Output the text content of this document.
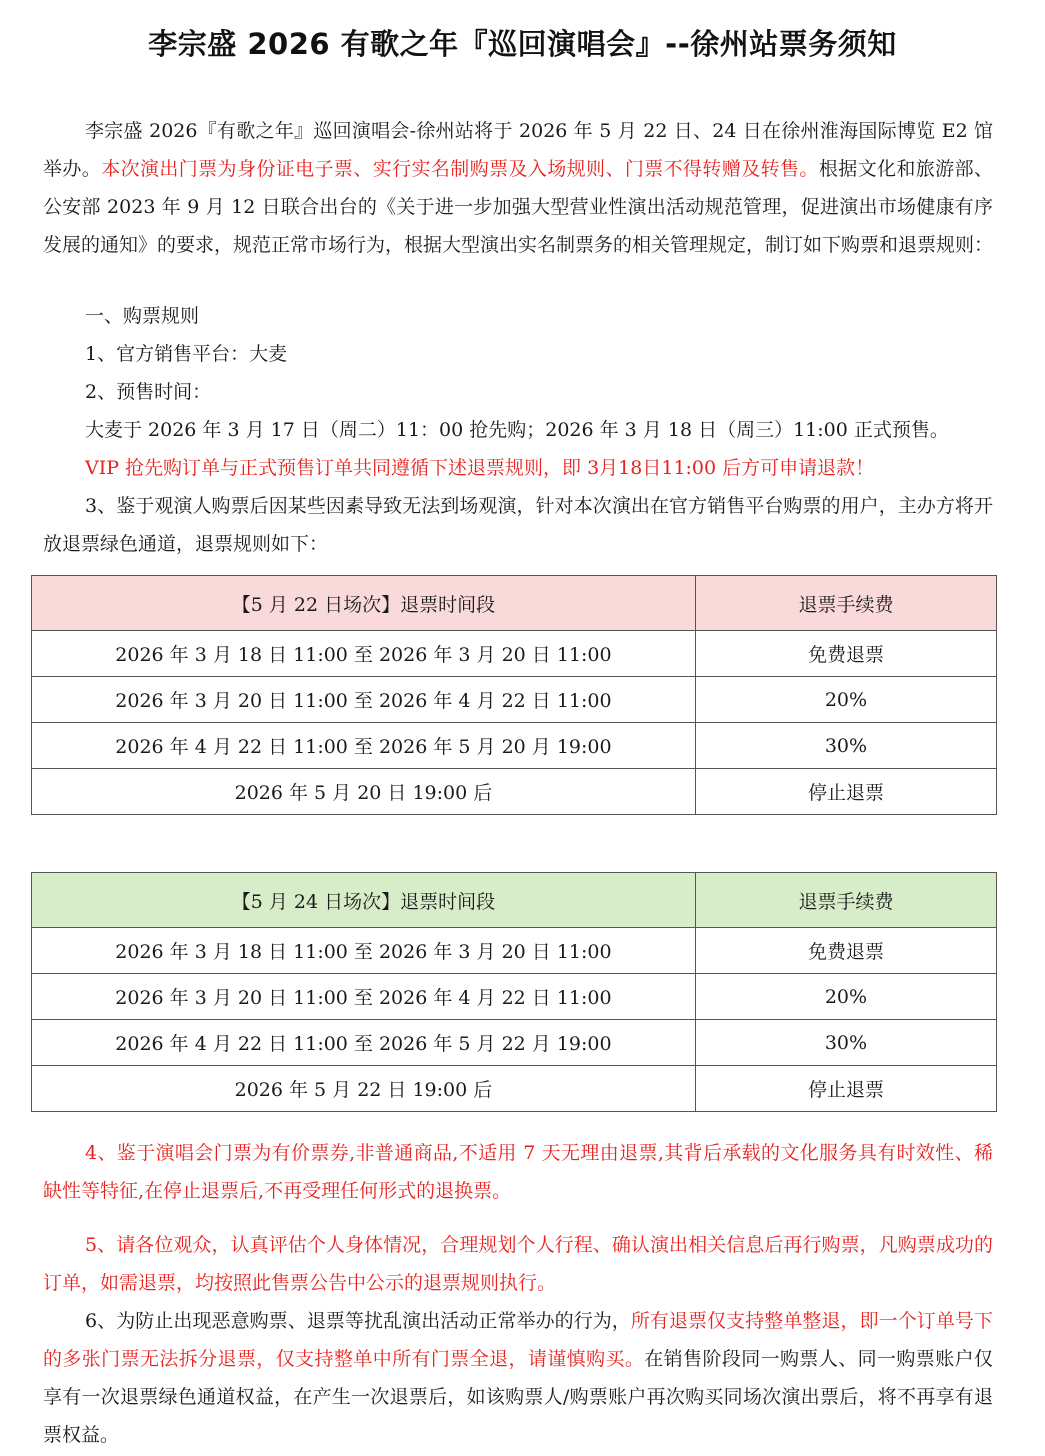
李宗盛 2026 有歌之年『巡回演唱会』--徐州站票务须知
李宗盛 2026『有歌之年』巡回演唱会-徐州站将于 2026 年 5 月 22 日、24 日在徐州淮海国际博览 E2 馆举办。本次演出门票为身份证电子票、实行实名制购票及入场规则、门票不得转赠及转售。根据文化和旅游部、公安部 2023 年 9 月 12 日联合出台的《关于进一步加强大型营业性演出活动规范管理，促进演出市场健康有序发展的通知》的要求，规范正常市场行为，根据大型演出实名制票务的相关管理规定，制订如下购票和退票规则：
一、购票规则
1、官方销售平台：大麦
2、预售时间：
大麦于 2026 年 3 月 17 日（周二）11：00 抢先购；2026 年 3 月 18 日（周三）11:00 正式预售。
VIP 抢先购订单与正式预售订单共同遵循下述退票规则，即 3月18日11:00 后方可申请退款！
3、鉴于观演人购票后因某些因素导致无法到场观演，针对本次演出在官方销售平台购票的用户，主办方将开放退票绿色通道，退票规则如下：
【5 月 22 日场次】退票时间段	退票手续费
2026 年 3 月 18 日 11:00 至 2026 年 3 月 20 日 11:00	免费退票
2026 年 3 月 20 日 11:00 至 2026 年 4 月 22 日 11:00	20%
2026 年 4 月 22 日 11:00 至 2026 年 5 月 20 月 19:00	30%
2026 年 5 月 20 日 19:00 后	停止退票
【5 月 24 日场次】退票时间段	退票手续费
2026 年 3 月 18 日 11:00 至 2026 年 3 月 20 日 11:00	免费退票
2026 年 3 月 20 日 11:00 至 2026 年 4 月 22 日 11:00	20%
2026 年 4 月 22 日 11:00 至 2026 年 5 月 22 月 19:00	30%
2026 年 5 月 22 日 19:00 后	停止退票
4、鉴于演唱会门票为有价票券,非普通商品,不适用 7 天无理由退票,其背后承载的文化服务具有时效性、稀缺性等特征,在停止退票后,不再受理任何形式的退换票。
5、请各位观众，认真评估个人身体情况，合理规划个人行程、确认演出相关信息后再行购票，凡购票成功的订单，如需退票，均按照此售票公告中公示的退票规则执行。
6、为防止出现恶意购票、退票等扰乱演出活动正常举办的行为，所有退票仅支持整单整退，即一个订单号下的多张门票无法拆分退票，仅支持整单中所有门票全退，请谨慎购买。在销售阶段同一购票人、同一购票账户仅享有一次退票绿色通道权益，在产生一次退票后，如该购票人/购票账户再次购买同场次演出票后，将不再享有退票权益。
